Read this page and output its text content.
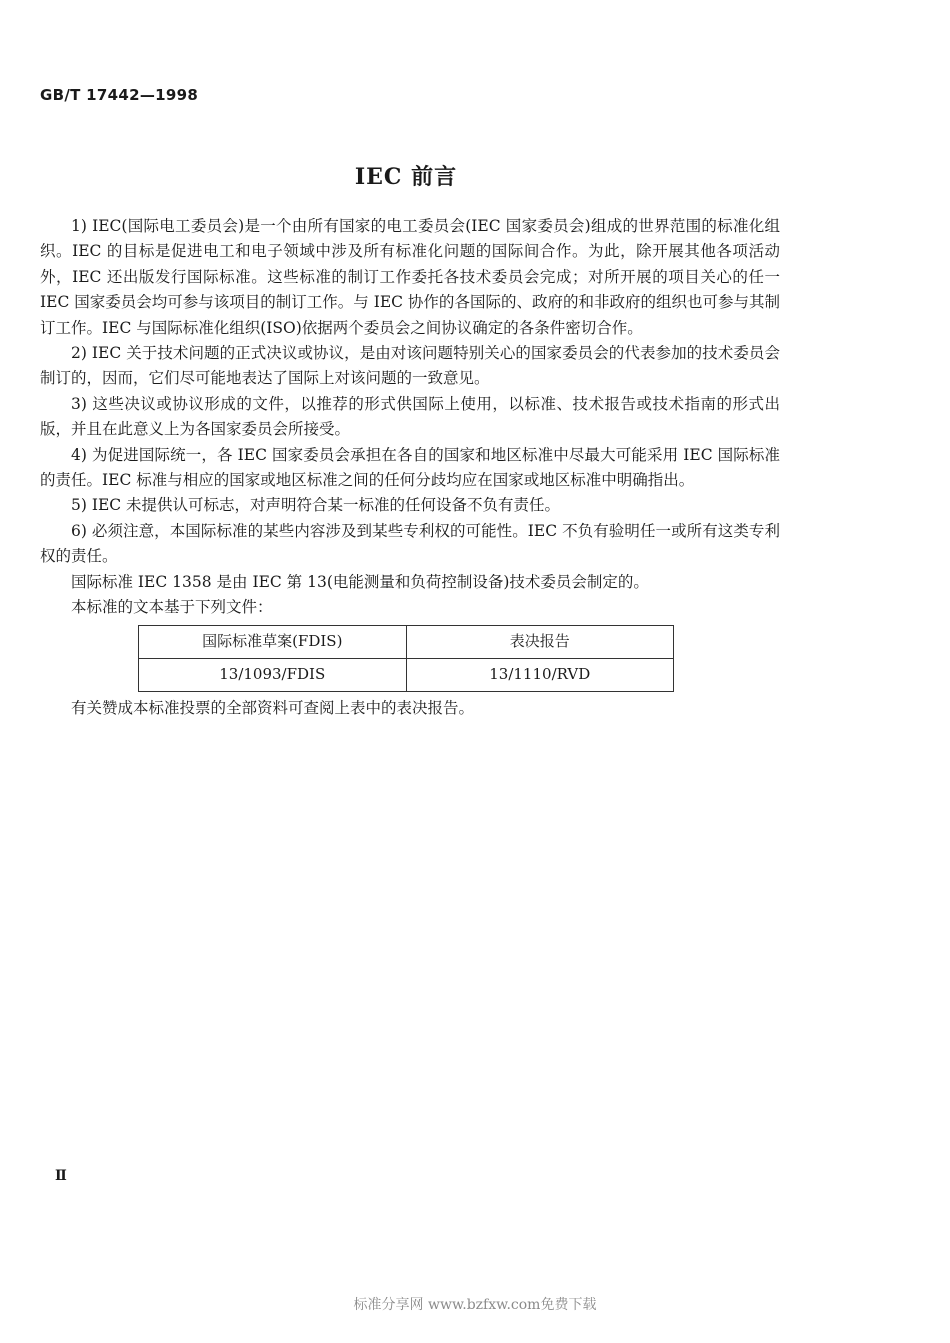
GB/T 17442—1998
IEC 前言

1) IEC(国际电工委员会)是一个由所有国家的电工委员会(IEC 国家委员会)组成的世界范围的标准化组织。IEC 的目标是促进电工和电子领域中涉及所有标准化问题的国际间合作。为此，除开展其他各项活动外，IEC 还出版发行国际标准。这些标准的制订工作委托各技术委员会完成；对所开展的项目关心的任一 IEC 国家委员会均可参与该项目的制订工作。与 IEC 协作的各国际的、政府的和非政府的组织也可参与其制订工作。IEC 与国际标准化组织(ISO)依据两个委员会之间协议确定的各条件密切合作。

2) IEC 关于技术问题的正式决议或协议，是由对该问题特别关心的国家委员会的代表参加的技术委员会制订的，因而，它们尽可能地表达了国际上对该问题的一致意见。

3) 这些决议或协议形成的文件，以推荐的形式供国际上使用，以标准、技术报告或技术指南的形式出版，并且在此意义上为各国家委员会所接受。

4) 为促进国际统一，各 IEC 国家委员会承担在各自的国家和地区标准中尽最大可能采用 IEC 国际标准的责任。IEC 标准与相应的国家或地区标准之间的任何分歧均应在国家或地区标准中明确指出。

5) IEC 未提供认可标志，对声明符合某一标准的任何设备不负有责任。

6) 必须注意，本国际标准的某些内容涉及到某些专利权的可能性。IEC 不负有验明任一或所有这类专利权的责任。

国际标准 IEC 1358 是由 IEC 第 13(电能测量和负荷控制设备)技术委员会制定的。

本标准的文本基于下列文件：

国际标准草案(FDIS)	表决报告
13/1093/FDIS	13/1110/RVD

有关赞成本标准投票的全部资料可查阅上表中的表决报告。

Ⅱ
标准分享网 www.bzfxw.com免费下载
